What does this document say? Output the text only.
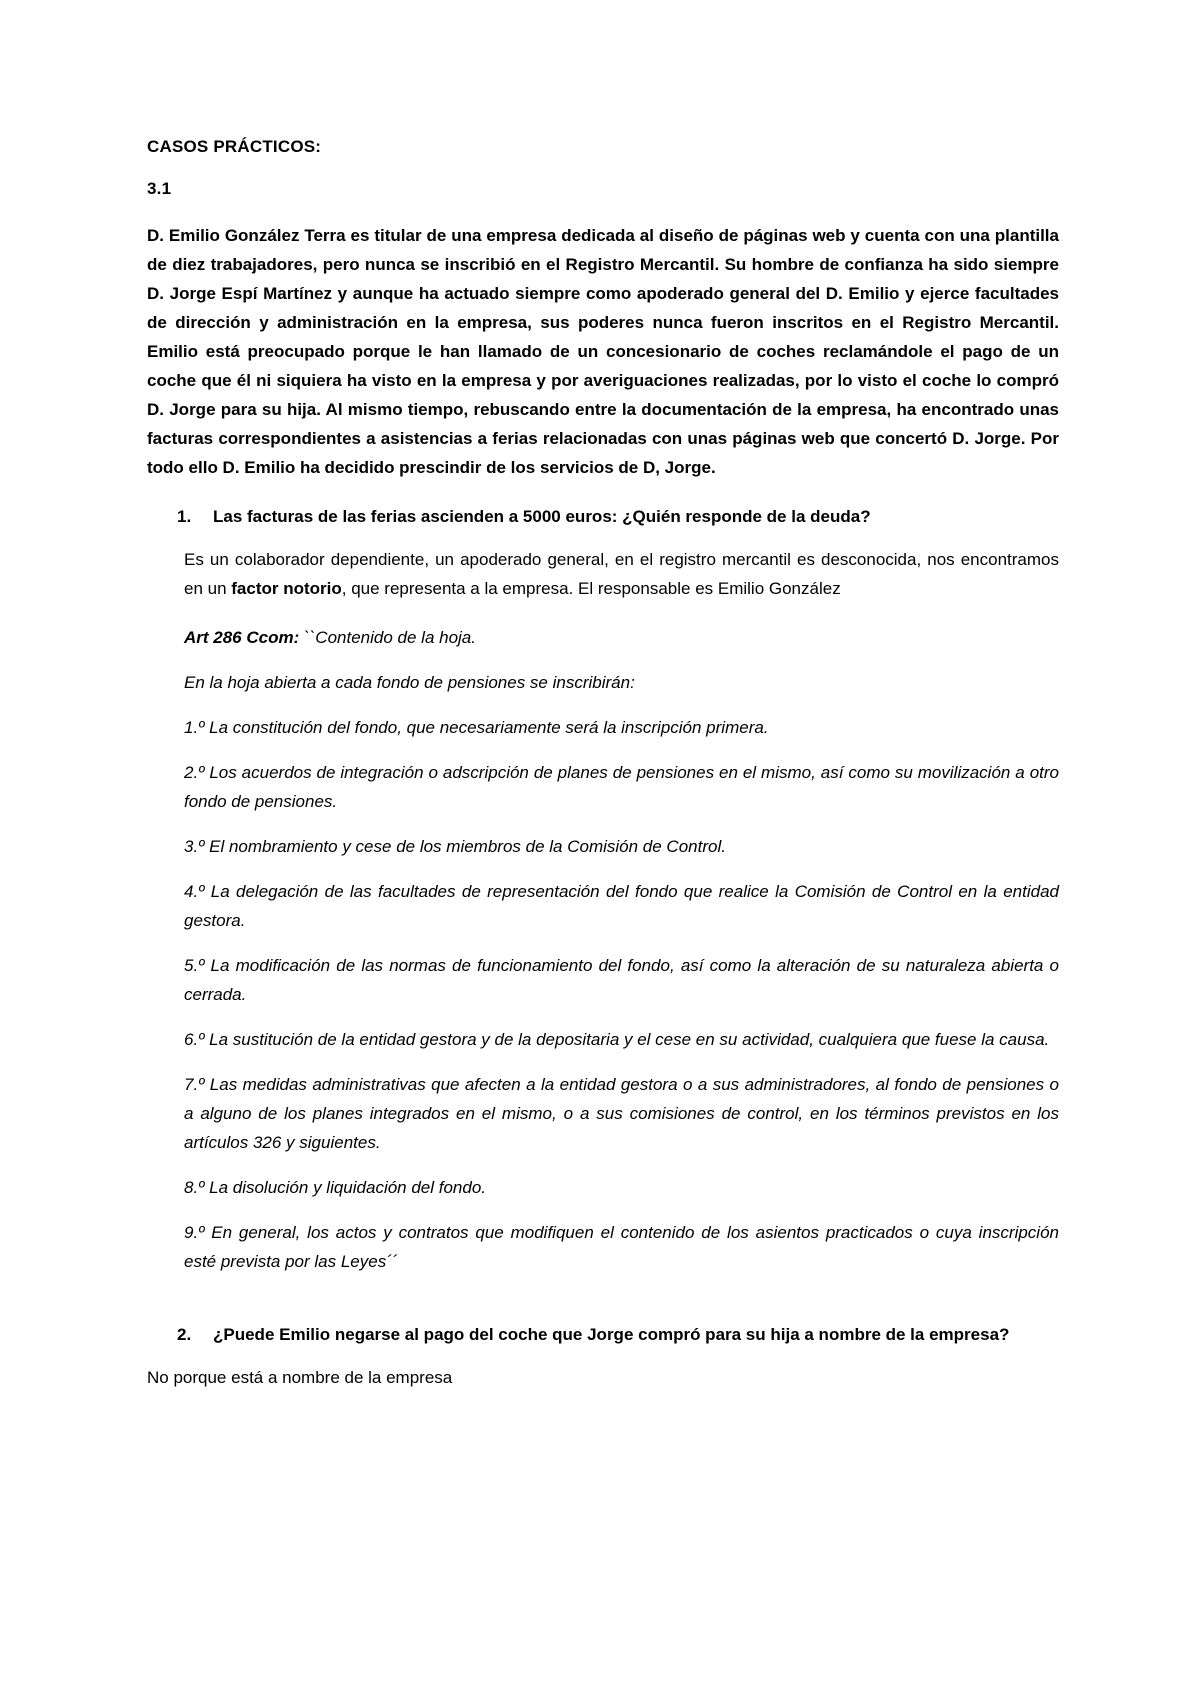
CASOS PRÁCTICOS:

3.1

D. Emilio González Terra es titular de una empresa dedicada al diseño de páginas web y cuenta con una plantilla de diez trabajadores, pero nunca se inscribió en el Registro Mercantil. Su hombre de confianza ha sido siempre D. Jorge Espí Martínez y aunque ha actuado siempre como apoderado general del D. Emilio y ejerce facultades de dirección y administración en la empresa, sus poderes nunca fueron inscritos en el Registro Mercantil. Emilio está preocupado porque le han llamado de un concesionario de coches reclamándole el pago de un coche que él ni siquiera ha visto en la empresa y por averiguaciones realizadas, por lo visto el coche lo compró D. Jorge para su hija. Al mismo tiempo, rebuscando entre la documentación de la empresa, ha encontrado unas facturas correspondientes a asistencias a ferias relacionadas con unas páginas web que concertó D. Jorge. Por todo ello D. Emilio ha decidido prescindir de los servicios de D, Jorge.

1.	Las facturas de las ferias ascienden a 5000 euros: ¿Quién responde de la deuda?

Es un colaborador dependiente, un apoderado general, en el registro mercantil es desconocida, nos encontramos en un factor notorio, que representa a la empresa. El responsable es Emilio González

Art 286 Ccom: ``Contenido de la hoja.

En la hoja abierta a cada fondo de pensiones se inscribirán:

1.º La constitución del fondo, que necesariamente será la inscripción primera.

2.º Los acuerdos de integración o adscripción de planes de pensiones en el mismo, así como su movilización a otro fondo de pensiones.

3.º El nombramiento y cese de los miembros de la Comisión de Control.

4.º La delegación de las facultades de representación del fondo que realice la Comisión de Control en la entidad gestora.

5.º La modificación de las normas de funcionamiento del fondo, así como la alteración de su naturaleza abierta o cerrada.

6.º La sustitución de la entidad gestora y de la depositaria y el cese en su actividad, cualquiera que fuese la causa.

7.º Las medidas administrativas que afecten a la entidad gestora o a sus administradores, al fondo de pensiones o a alguno de los planes integrados en el mismo, o a sus comisiones de control, en los términos previstos en los artículos 326 y siguientes.

8.º La disolución y liquidación del fondo.

9.º En general, los actos y contratos que modifiquen el contenido de los asientos practicados o cuya inscripción esté prevista por las Leyes´´

2.	¿Puede Emilio negarse al pago del coche que Jorge compró para su hija a nombre de la empresa?

No porque está a nombre de la empresa
